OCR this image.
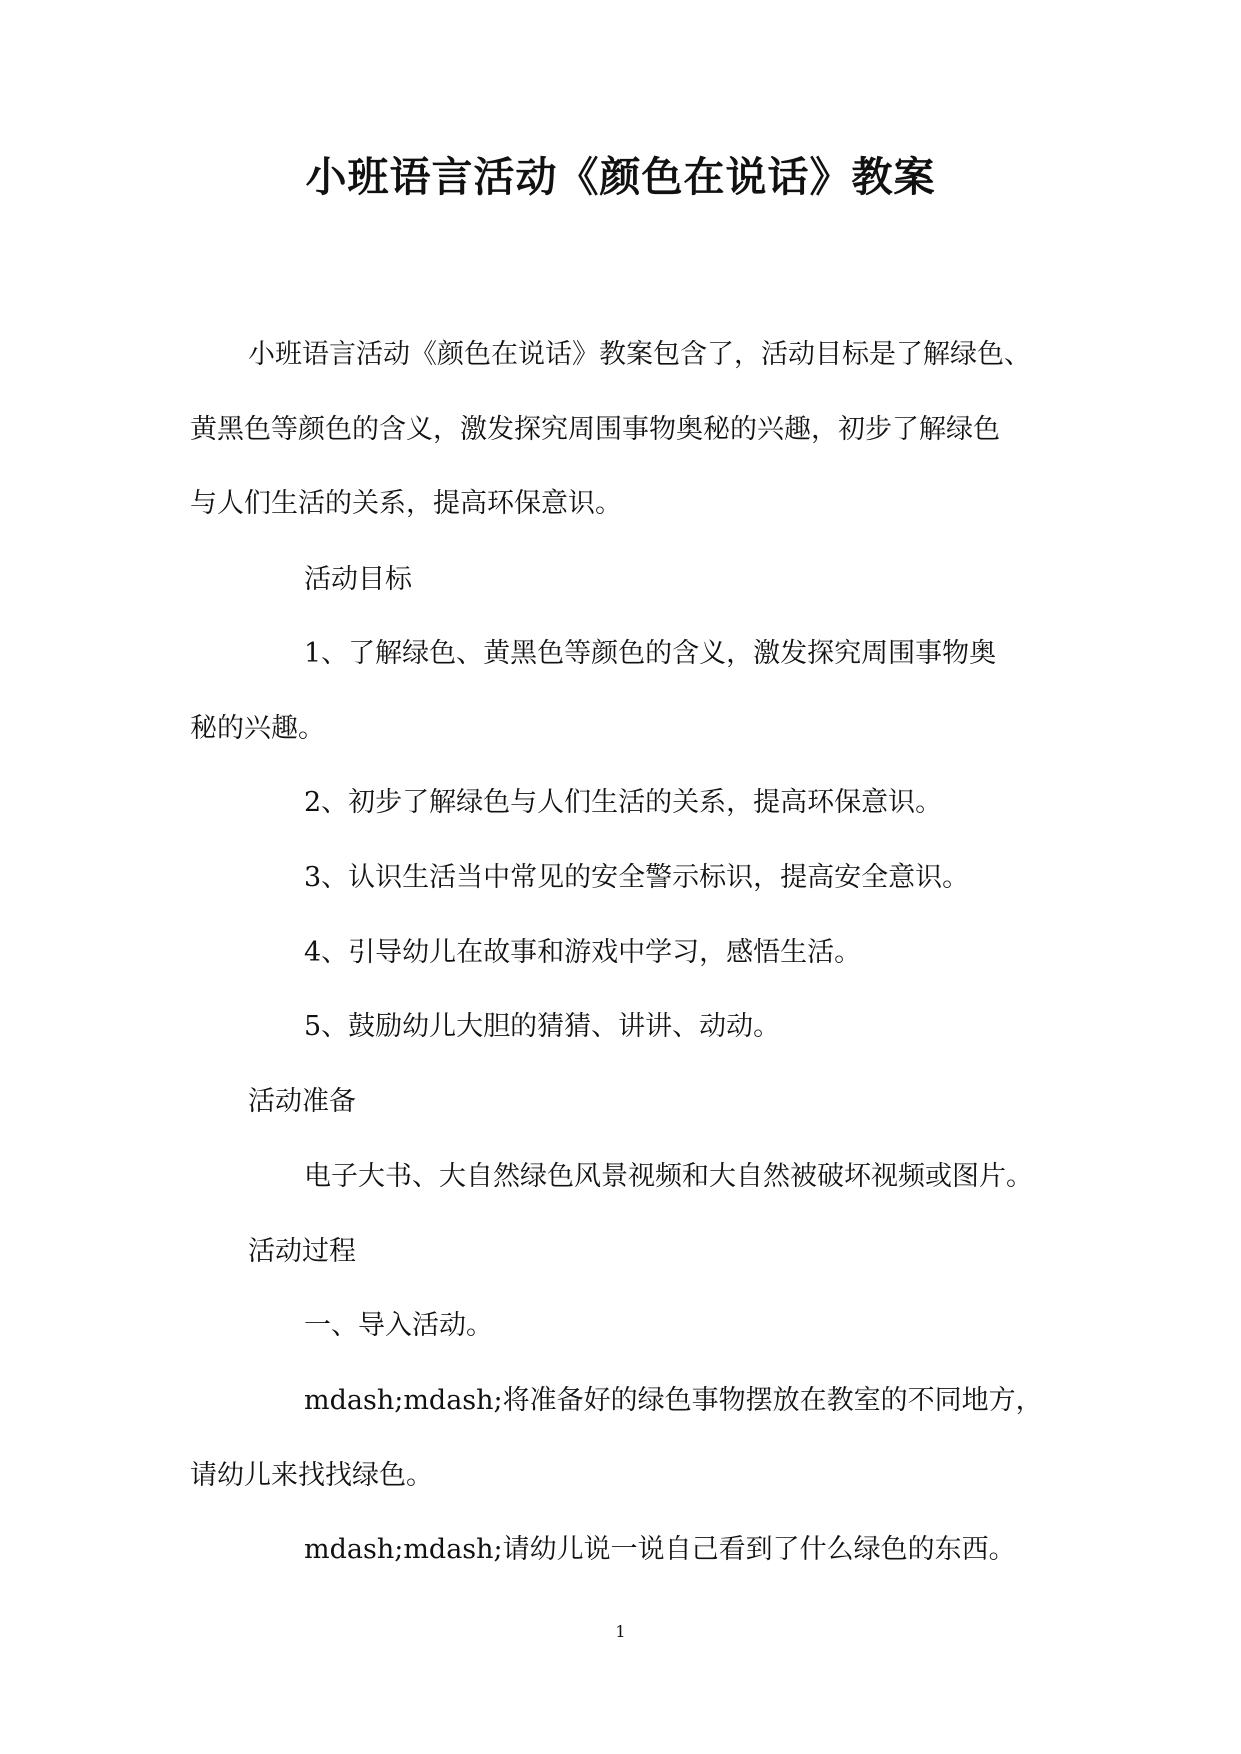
小班语言活动《颜色在说话》教案
小班语言活动《颜色在说话》教案包含了，活动目标是了解绿色、
黄黑色等颜色的含义，激发探究周围事物奥秘的兴趣，初步了解绿色
与人们生活的关系，提高环保意识。
活动目标
1、了解绿色、黄黑色等颜色的含义，激发探究周围事物奥
秘的兴趣。
2、初步了解绿色与人们生活的关系，提高环保意识。
3、认识生活当中常见的安全警示标识，提高安全意识。
4、引导幼儿在故事和游戏中学习，感悟生活。
5、鼓励幼儿大胆的猜猜、讲讲、动动。
活动准备
电子大书、大自然绿色风景视频和大自然被破坏视频或图片。
活动过程
一、导入活动。
mdash;mdash;将准备好的绿色事物摆放在教室的不同地方，
请幼儿来找找绿色。
mdash;mdash;请幼儿说一说自己看到了什么绿色的东西。
1
